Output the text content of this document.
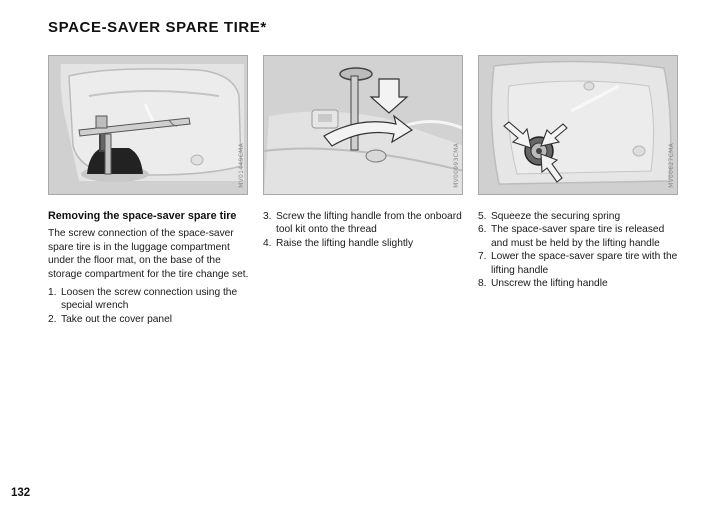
SPACE-SAVER SPARE TIRE*
MV01449CMA	MV00993CMA	MV00627CMA
Removing the space-saver spare tire
The screw connection of the space-saver spare tire is in the luggage compartment under the floor mat, on the base of the storage compartment for the tire change set.
1. Loosen the screw connection using the special wrench
2. Take out the cover panel
3. Screw the lifting handle from the onboard tool kit onto the thread
4. Raise the lifting handle slightly
5. Squeeze the securing spring
6. The space-saver spare tire is released and must be held by the lifting handle
7. Lower the space-saver spare tire with the lifting handle
8. Unscrew the lifting handle
132
